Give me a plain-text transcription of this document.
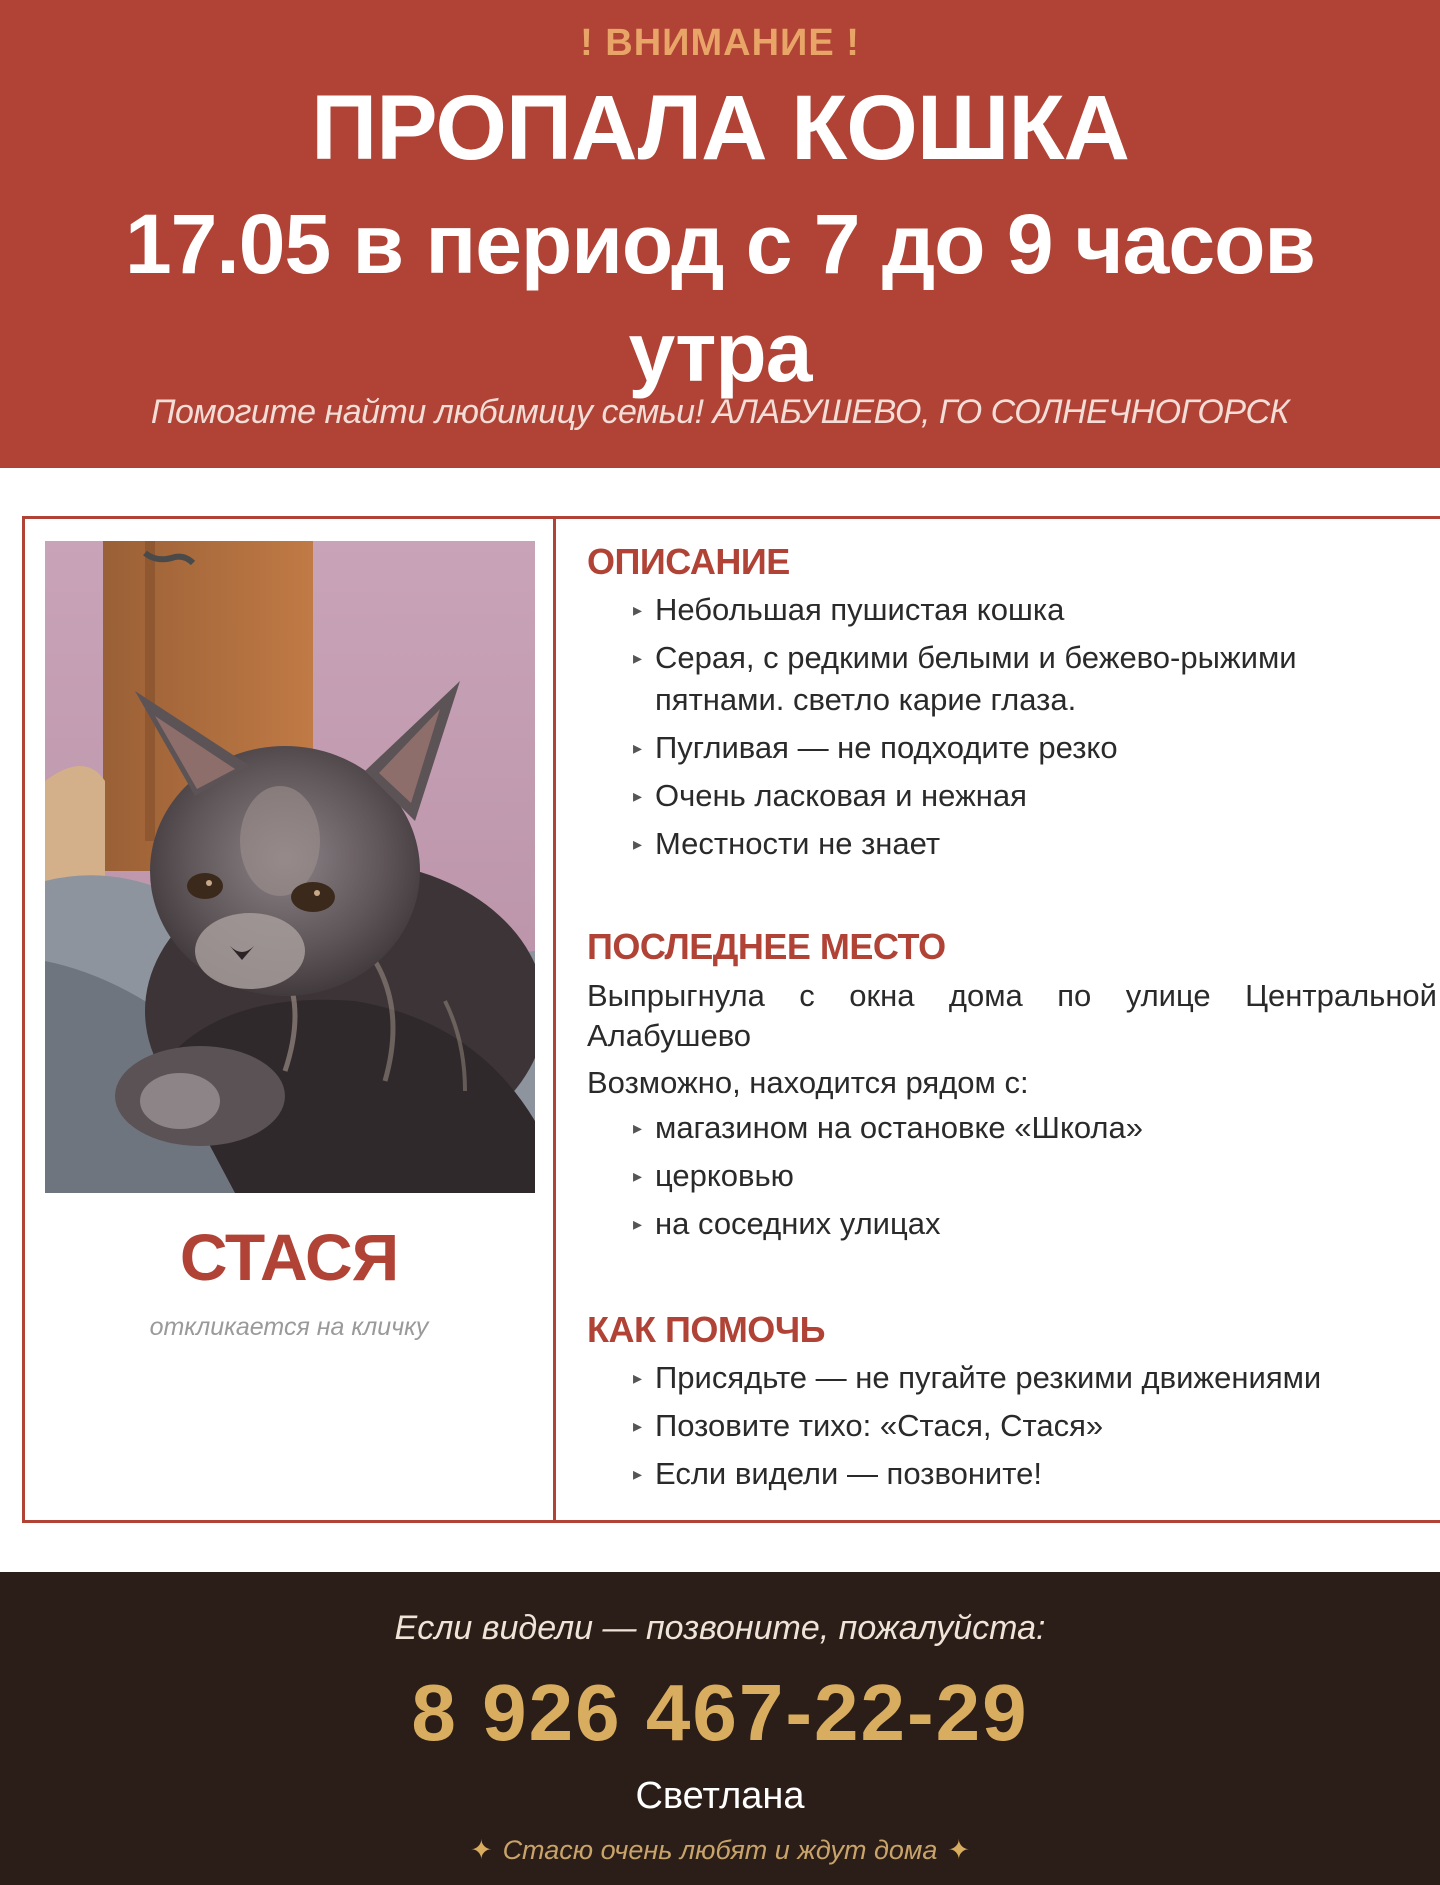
! ВНИМАНИЕ !
ПРОПАЛА КОШКА
17.05 в период с 7 до 9 часов утра
Помогите найти любимицу семьи! АЛАБУШЕВО, ГО СОЛНЕЧНОГОРСК
СТАСЯ
откликается на кличку
ОПИСАНИЕ
▸ Небольшая пушистая кошка
▸ Серая, с редкими белыми и бежево-рыжими пятнами. светло карие глаза.
▸ Пугливая — не подходите резко
▸ Очень ласковая и нежная
▸ Местности не знает
ПОСЛЕДНЕЕ МЕСТО
Выпрыгнула с окна дома по улице Центральной Алабушево
Возможно, находится рядом с:
▸ магазином на остановке «Школа»
▸ церковью
▸ на соседних улицах
КАК ПОМОЧЬ
▸ Присядьте — не пугайте резкими движениями
▸ Позовите тихо: «Стася, Стася»
▸ Если видели — позвоните!
Если видели — позвоните, пожалуйста:
8 926 467-22-29
Светлана
✦ Стасю очень любят и ждут дома ✦
